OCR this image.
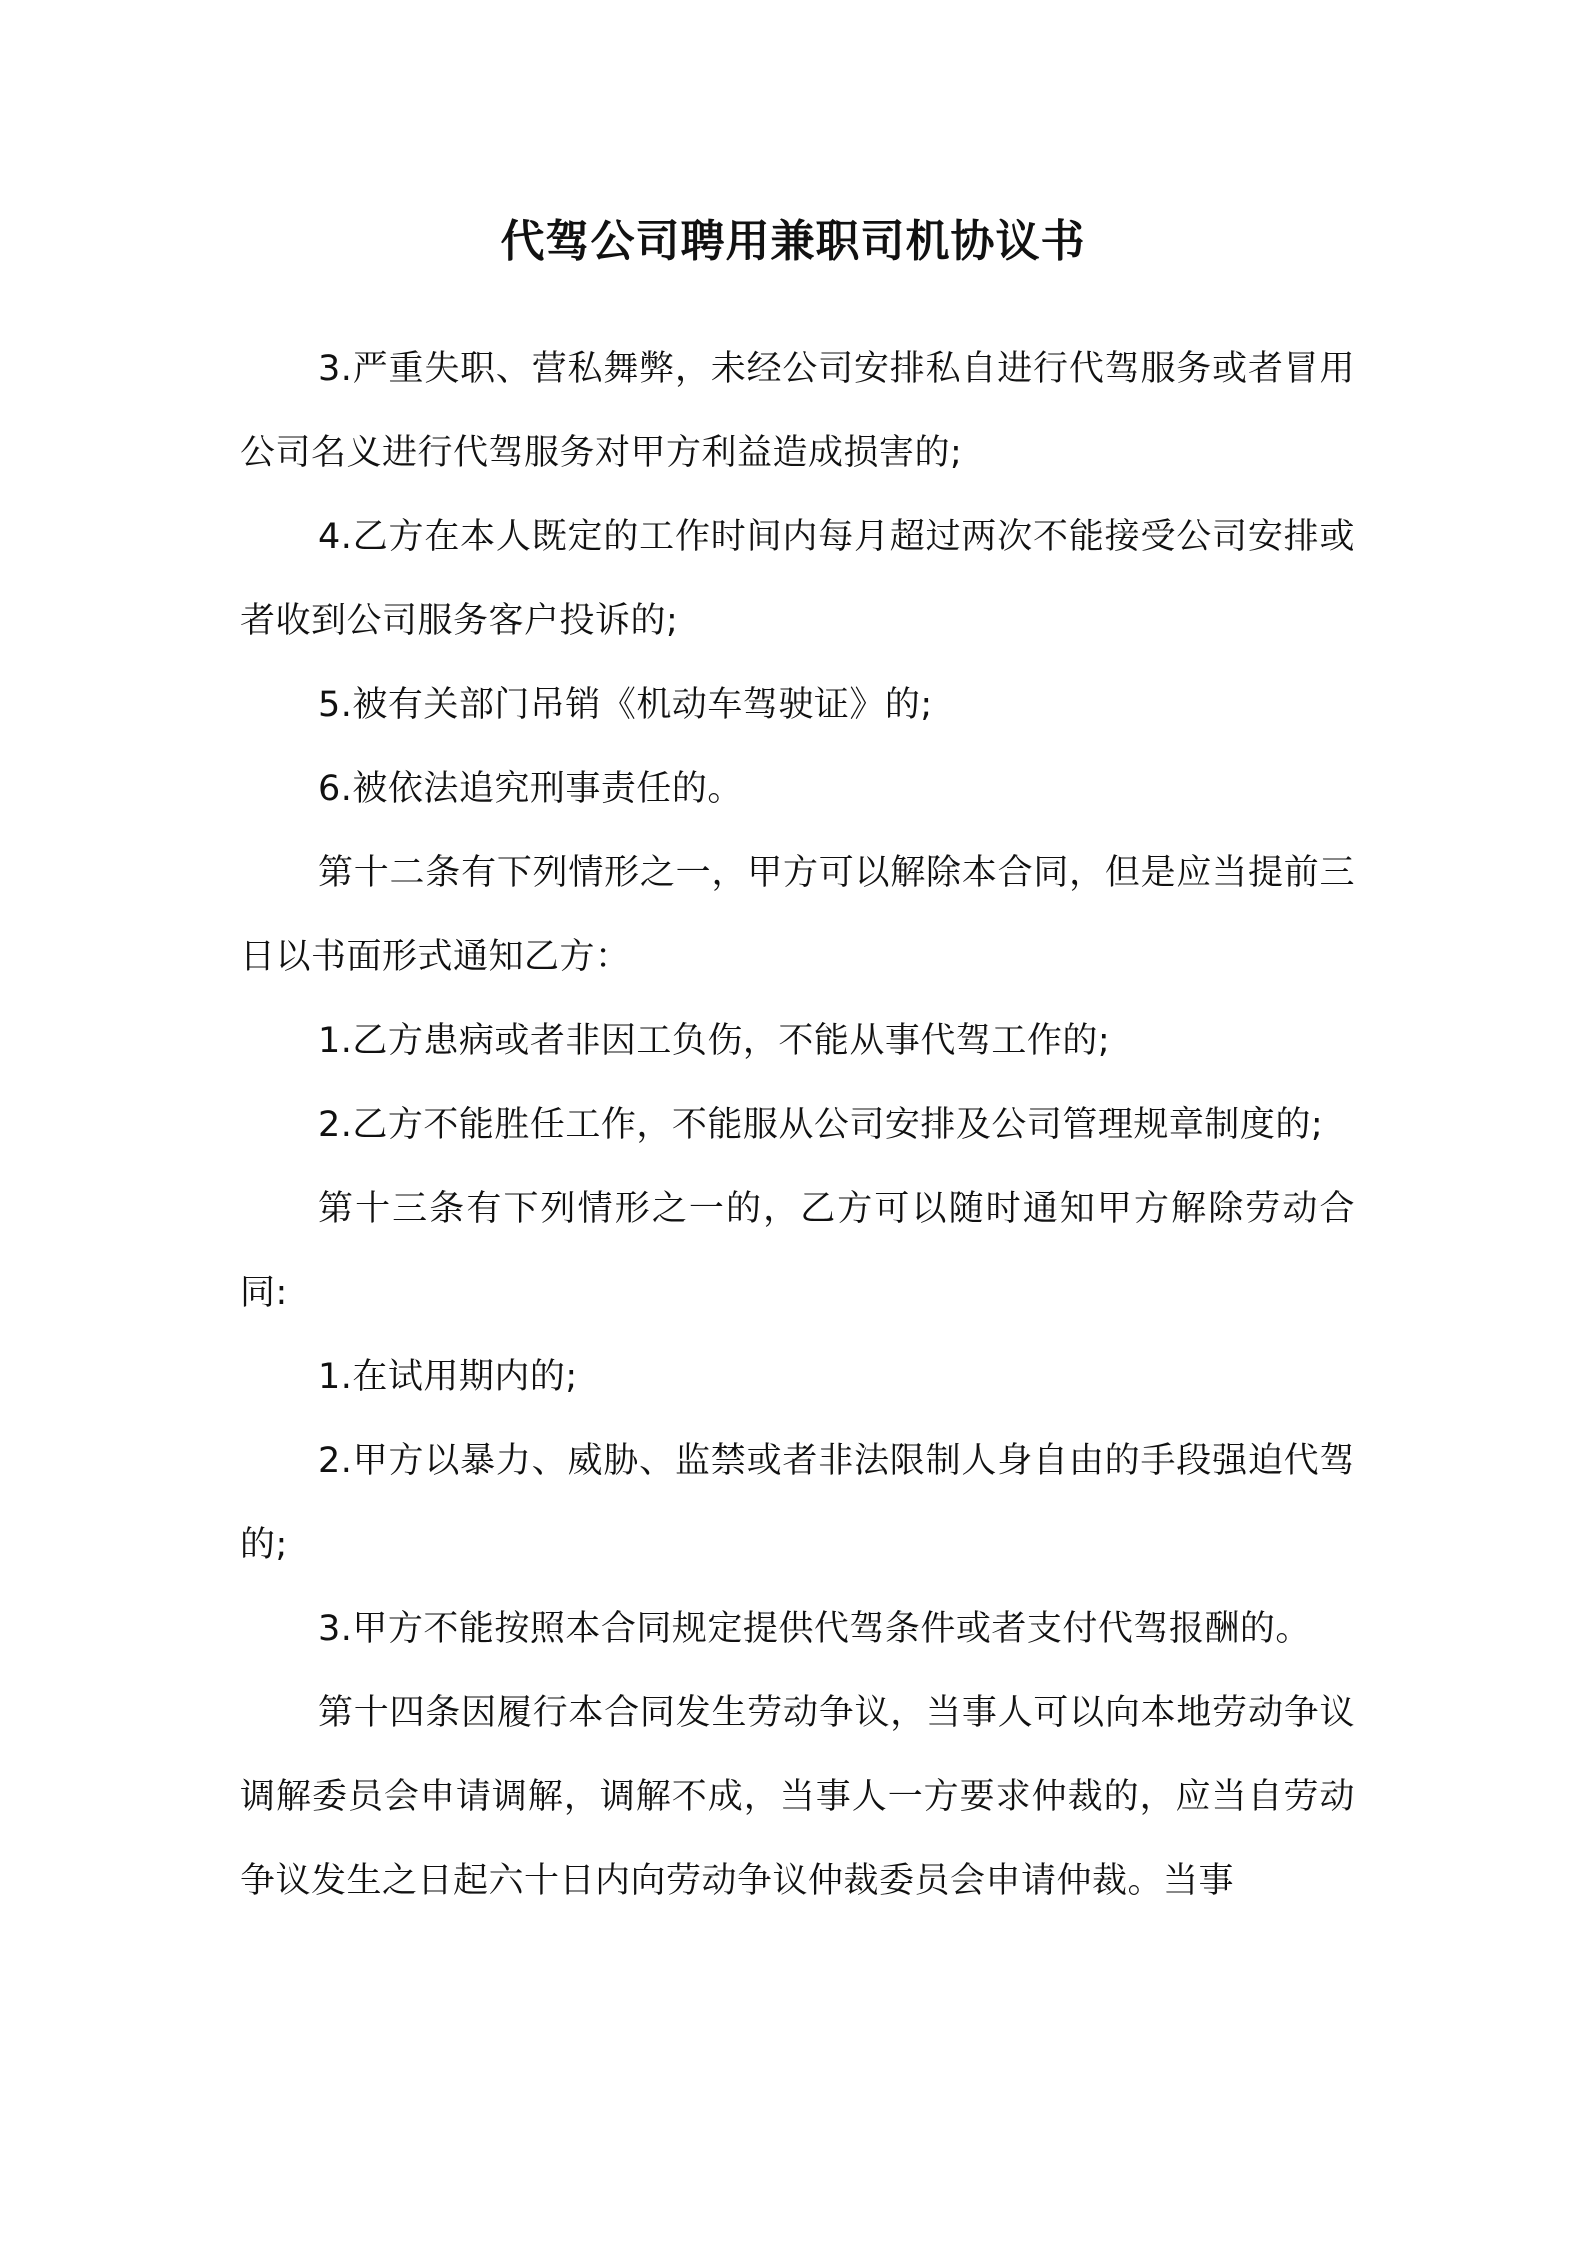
代驾公司聘用兼职司机协议书

3.严重失职、营私舞弊，未经公司安排私自进行代驾服务或者冒用公司名义进行代驾服务对甲方利益造成损害的;

4.乙方在本人既定的工作时间内每月超过两次不能接受公司安排或者收到公司服务客户投诉的;

5.被有关部门吊销《机动车驾驶证》的;

6.被依法追究刑事责任的。

第十二条有下列情形之一，甲方可以解除本合同，但是应当提前三日以书面形式通知乙方：

1.乙方患病或者非因工负伤，不能从事代驾工作的;

2.乙方不能胜任工作，不能服从公司安排及公司管理规章制度的;

第十三条有下列情形之一的，乙方可以随时通知甲方解除劳动合同:

1.在试用期内的;

2.甲方以暴力、威胁、监禁或者非法限制人身自由的手段强迫代驾的;

3.甲方不能按照本合同规定提供代驾条件或者支付代驾报酬的。

第十四条因履行本合同发生劳动争议，当事人可以向本地劳动争议调解委员会申请调解，调解不成，当事人一方要求仲裁的，应当自劳动争议发生之日起六十日内向劳动争议仲裁委员会申请仲裁。当事
